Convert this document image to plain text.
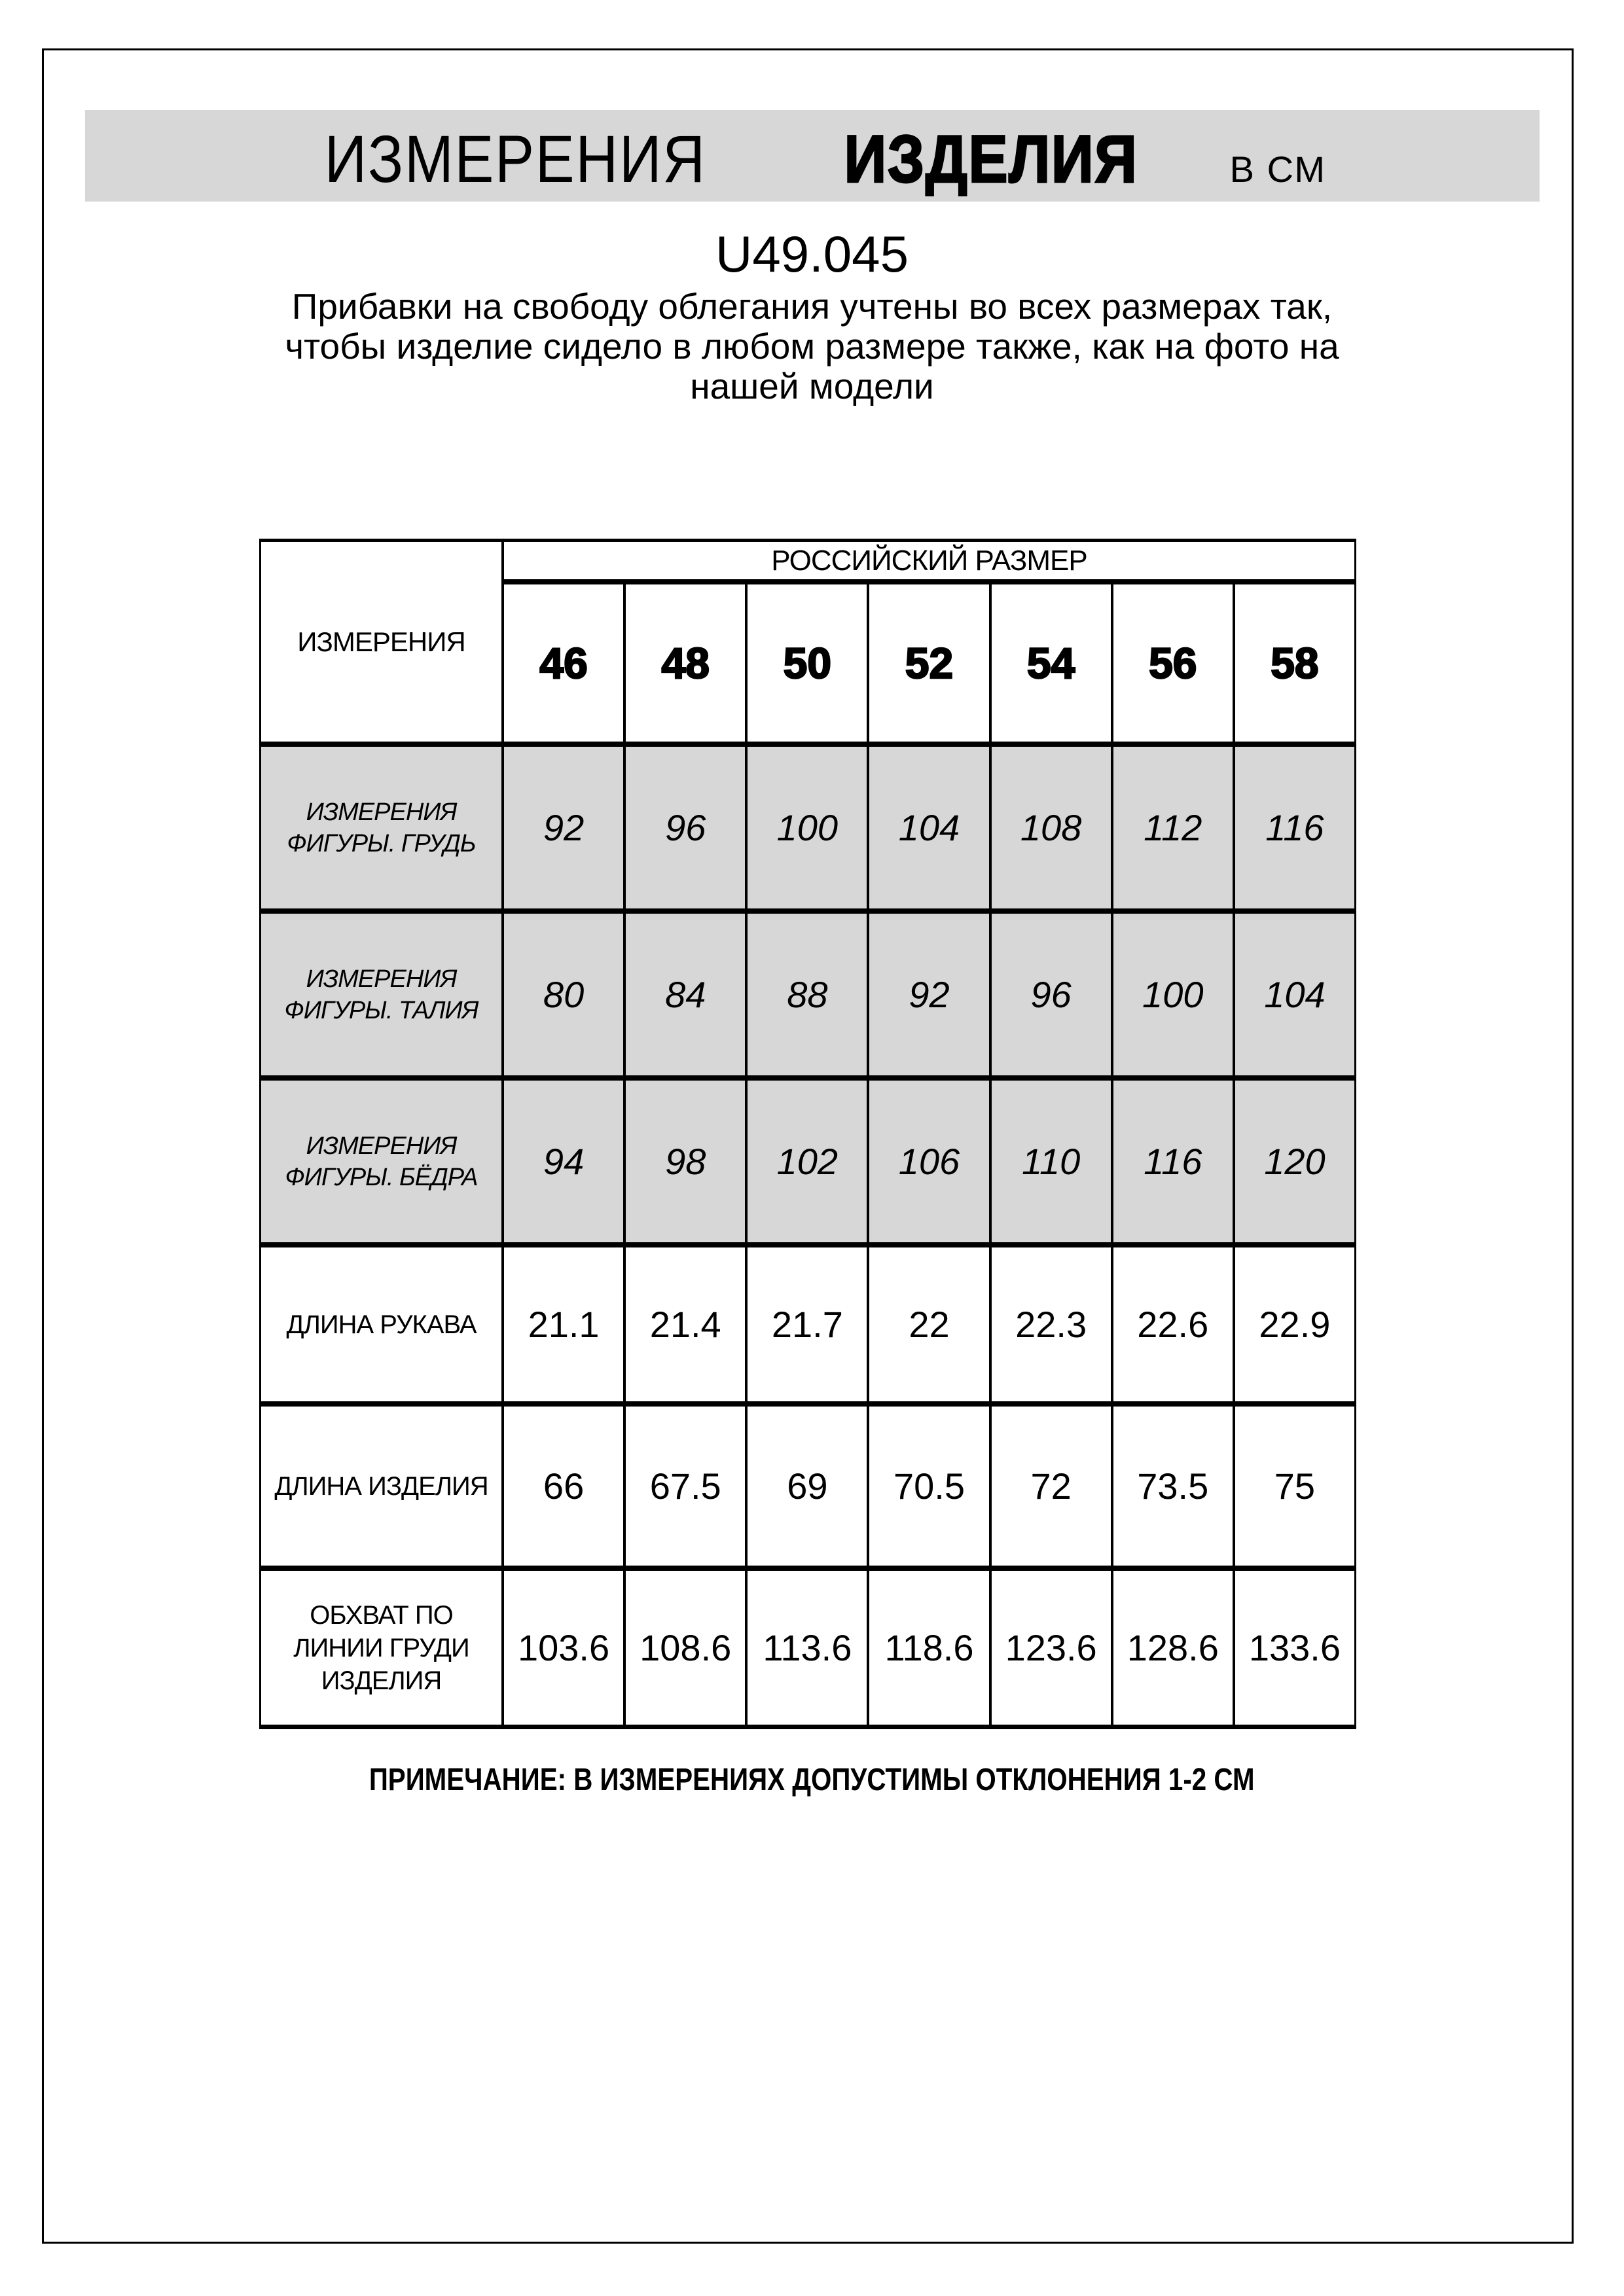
ИЗМЕРЕНИЯ ИЗДЕЛИЯ	В СМ
U49.045
Прибавки на свободу облегания учтены во всех размерах так,
чтобы изделие сидело в любом размере также, как на фото на
нашей модели
ИЗМЕРЕНИЯ
РОССИЙСКИЙ РАЗМЕР
46 48 50 52 54 56 58
ИЗМЕРЕНИЯ
ФИГУРЫ. ГРУДЬ 92 96 100 104 108 112 116
ИЗМЕРЕНИЯ
ФИГУРЫ. ТАЛИЯ 80 84 88 92 96 100 104
ИЗМЕРЕНИЯ
ФИГУРЫ. БЁДРА 94 98 102 106 110 116 120
ДЛИНА РУКАВА 21.1 21.4 21.7 22 22.3 22.6 22.9
ДЛИНА ИЗДЕЛИЯ 66 67.5 69 70.5 72 73.5 75
ОБХВАТ ПО
ЛИНИИ ГРУДИ
ИЗДЕЛИЯ
103.6 108.6 113.6 118.6 123.6 128.6 133.6
ПРИМЕЧАНИЕ: В ИЗМЕРЕНИЯХ ДОПУСТИМЫ ОТКЛОНЕНИЯ 1-2 СМ
